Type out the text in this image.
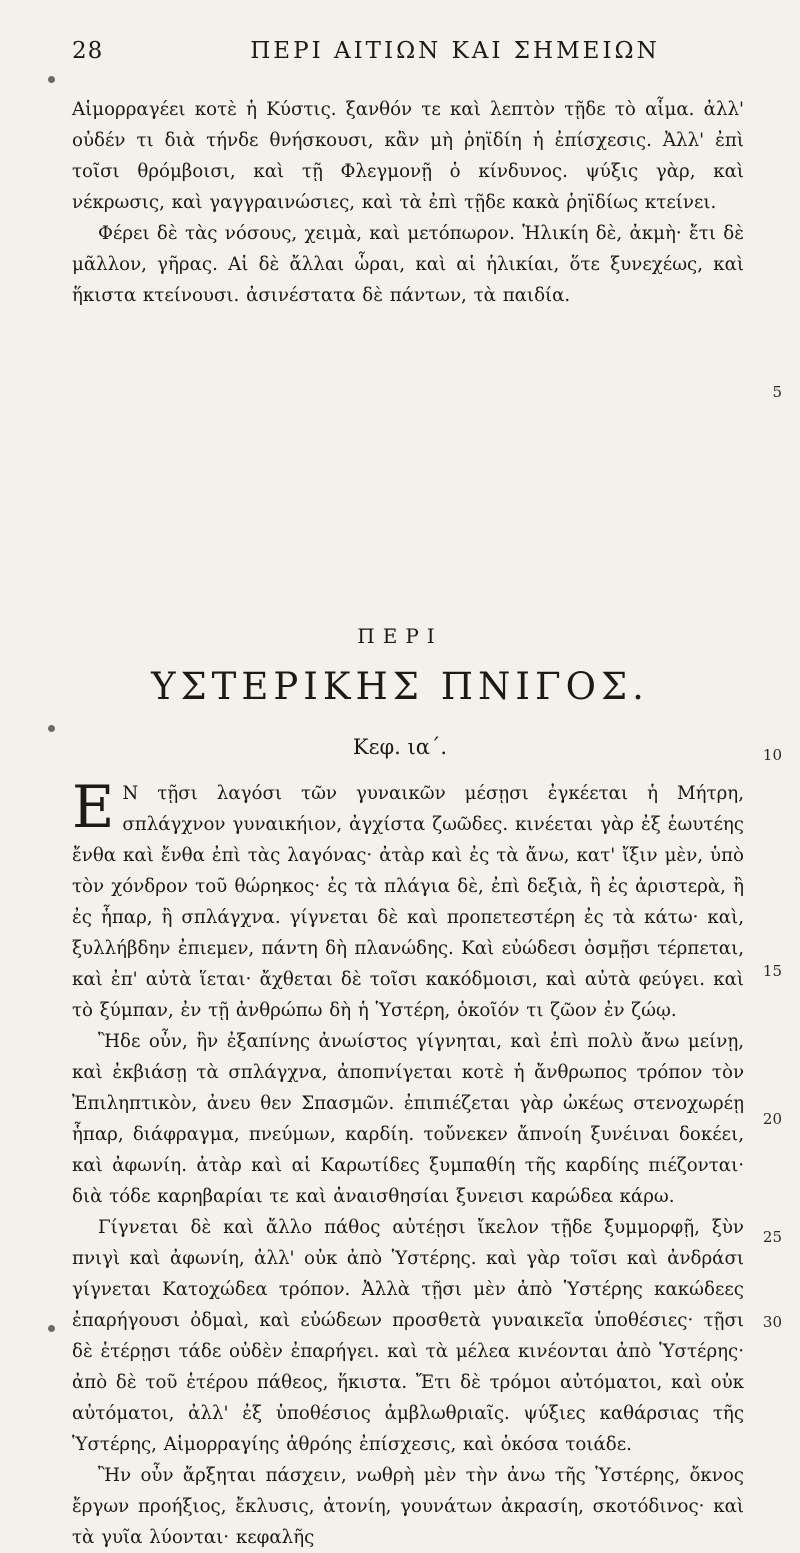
28	ΠΕΡΙ ΑΙΤΙΩΝ ΚΑΙ ΣΗΜΕΙΩΝ

Αἱμορραγέει κοτὲ ἡ Κύστις. ξανθόν τε καὶ λεπτὸν τῇδε τὸ αἷμα. ἀλλ' οὐδέν τι διὰ τήνδε θνήσκουσι, κἂν μὴ ῥηϊδίη ἡ ἐπίσχεσις. Ἀλλ' ἐπὶ τοῖσι θρόμβοισι, καὶ τῇ Φλεγμονῇ ὁ κίνδυνος. ψύξις γὰρ, καὶ νέκρωσις, καὶ γαγγραινώσιες, καὶ τὰ ἐπὶ τῇδε κακὰ ῥηϊδίως κτείνει.

Φέρει δὲ τὰς νόσους, χειμὰ, καὶ μετόπωρον. Ἡλικίη δὲ, ἀκμὴ· ἔτι δὲ μᾶλλον, γῆρας. Αἱ δὲ ἄλλαι ὧραι, καὶ αἱ ἡλικίαι, ὅτε ξυνεχέως, καὶ ἥκιστα κτείνουσι. ἀσινέστατα δὲ πάντων, τὰ παιδία.

5
ΠΕΡΙ
ΥΣΤΕΡΙΚΗΣ ΠΝΙΓΟΣ.
Κεφ. ια΄.	10

Ε Ν τῇσι λαγόσι τῶν γυναικῶν μέσῃσι ἐγκέεται ἡ Μήτρη, σπλάγχνον γυναικήιον, ἀγχίστα ζωῶδες. κινέεται γὰρ ἐξ ἑωυτέης ἔνθα καὶ ἔνθα ἐπὶ τὰς λαγόνας· ἀτὰρ καὶ ἐς τὰ ἄνω, κατ' ἴξιν μὲν, ὑπὸ τὸν χόνδρον τοῦ θώρηκος· ἐς τὰ πλάγια δὲ, ἐπὶ δεξιὰ, ἢ ἐς ἀριστερὰ, ἢ ἐς ἧπαρ, ἢ σπλάγχνα. γίγνεται δὲ καὶ προπετεστέρη ἐς τὰ κάτω· καὶ, ξυλλήβδην ἐπιεμεν, πάντη δὴ πλανώδης. Καὶ εὐώδεσι ὀσμῇσι τέρπεται, καὶ ἐπ' αὐτὰ ἵεται· ἄχθεται δὲ τοῖσι κακόδμοισι, καὶ αὐτὰ φεύγει. καὶ τὸ ξύμπαν, ἐν τῇ ἀνθρώπω δὴ ἡ Ὑστέρη, ὁκοῖόν τι ζῶον ἐν ζώῳ.

Ἢδε οὖν, ἣν ἐξαπίνης ἀνωίστος γίγνηται, καὶ ἐπὶ πολὺ ἄνω μείνῃ, καὶ ἐκβιάσῃ τὰ σπλάγχνα, ἀποπνίγεται κοτὲ ἡ ἄνθρωπος τρόπον τὸν Ἐπιληπτικὸν, ἀνευ θεν Σπασμῶν. ἐπιπιέζεται γὰρ ὠκέως στενοχωρέῃ ἧπαρ, διάφραγμα, πνεύμων, καρδίη. τοὔνεκεν ἄπνοίη ξυνέιναι δοκέει, καὶ ἀφωνίη. ἀτὰρ καὶ αἱ Καρωτίδες ξυμπαθίη τῆς καρδίης πιέζονται· διὰ τόδε καρηβαρίαι τε καὶ ἀναισθησίαι ξυνεισι καρώδεα κάρω.

Γίγνεται δὲ καὶ ἄλλο πάθος αὐτέῃσι ἴκελον τῇδε ξυμμορφῇ, ξὺν πνιγὶ καὶ ἀφωνίη, ἀλλ' οὐκ ἀπὸ Ὑστέρης. καὶ γὰρ τοῖσι καὶ ἀνδράσι γίγνεται Κατοχώδεα τρόπον. Ἀλλὰ τῇσι μὲν ἀπὸ Ὑστέρης κακώδεες ἐπαρήγουσι ὀδμαὶ, καὶ εὐώδεων προσθετὰ γυναικεῖα ὑποθέσιες· τῇσι δὲ ἑτέρῃσι τάδε οὐδὲν ἐπαρήγει. καὶ τὰ μέλεα κινέονται ἀπὸ Ὑστέρης· ἀπὸ δὲ τοῦ ἑτέρου πάθεος, ἥκιστα. Ἔτι δὲ τρόμοι αὐτόματοι, καὶ οὐκ αὐτόματοι, ἀλλ' ἐξ ὑποθέσιος ἀμβλωθριαῖς. ψύξιες καθάρσιας τῆς Ὑστέρης, Αἱμορραγίης ἀθρόης ἐπίσχεσις, καὶ ὁκόσα τοιάδε.

Ἢν οὖν ἄρξηται πάσχειν, νωθρὴ μὲν τὴν ἀνω τῆς Ὑστέρης, ὄκνος ἔργων προήξιος, ἔκλυσις, ἀτονίη, γουνάτων ἀκρασίη, σκοτόδινος· καὶ τὰ γυῖα λύονται· κεφαλῆς

15
20
25
30
